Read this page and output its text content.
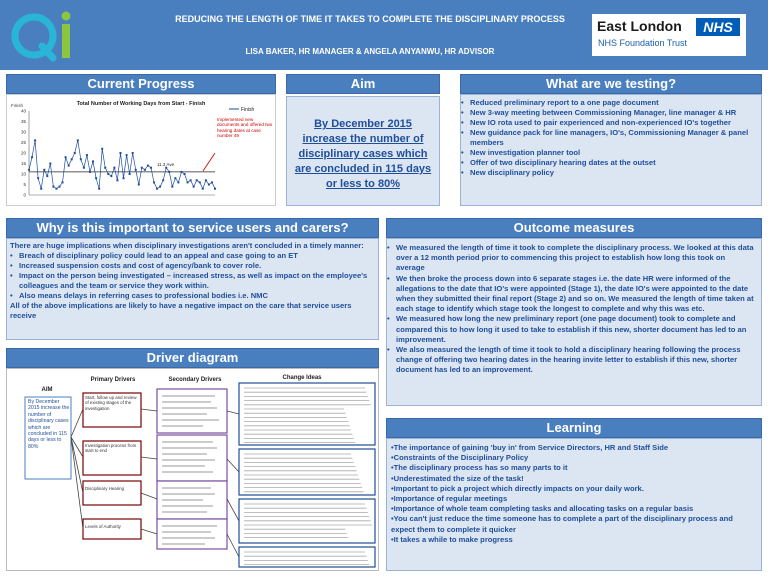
REDUCING THE LENGTH OF TIME IT TAKES TO COMPLETE THE DISCIPLINARY PROCESS
LISA BAKER, HR MANAGER & ANGELA ANYANWU, HR ADVISOR
East London	NHS
NHS Foundation Trust
Current Progress
Total Number of Working Days from Start - Finish
0
5
10
15
20
25
30
35
40	Finish
11.3 Ave
Implemented new documents and offered two hearing dates at case number 49
Finish
Aim
By December 2015 increase the number of disciplinary cases which are concluded in 115 days or less to 80%
What are we testing?
• Reduced preliminary report to a one page document
• New 3-way meeting between Commissioning Manager, line manager & HR
• New IO rota used to pair experienced and non-experienced IO's together
• New guidance pack for line managers, IO's, Commissioning Manager & panel members
• New investigation planner tool
• Offer of two disciplinary hearing dates at the outset
• New disciplinary policy
Why is this important to service users and carers?
There are huge implications when disciplinary investigations aren't concluded in a timely manner:
• Breach of disciplinary policy could lead to an appeal and case going to an ET
• Increased suspension costs and cost of agency/bank to cover role.
• Impact on the person being investigated – increased stress, as well as impact on the employee's colleagues and the team or service they work within.
• Also means delays in referring cases to professional bodies i.e. NMC
All of the above implications are likely to have a negative impact on the care that service users receive
Driver diagram
AIM
Primary Drivers	Secondary Drivers	Change Ideas
By December 2015 increase the number of disciplinary cases which are concluded in 115 days or less to 80%
Start, follow up and review of existing stages of the investigation
Investigation process from start to end
Disciplinary Hearing
Levels of Authority
Outcome measures
• We measured the length of time it took to complete the disciplinary process. We looked at this data over a 12 month period prior to commencing this project to establish how long this took on average
• We then broke the process down into 6 separate stages i.e. the date HR were informed of the allegations to the date that IO's were appointed (Stage 1), the date IO's were appointed to the date when they submitted their final report (Stage 2) and so on. We measured the length of time taken at each stage to identify which stage took the longest to complete and why this was etc.
• We measured how long the new preliminary report (one page document) took to complete and compared this to how long it used to take to establish if this new, shorter document has led to an improvement.
• We also measured the length of time it took to hold a disciplinary hearing following the process change of offering two hearing dates in the hearing invite letter to establish if this new, shorter document has led to an improvement.
Learning
•The importance of gaining 'buy in' from Service Directors, HR and Staff Side
•Constraints of the Disciplinary Policy
•The disciplinary process has so many parts to it
•Underestimated the size of the task!
•Important to pick a project which directly impacts on your daily work.
•Importance of regular meetings
•Importance of whole team completing tasks and allocating tasks on a regular basis
•You can't just reduce the time someone has to complete a part of the disciplinary process and expect them to complete it quicker
•It takes a while to make progress
